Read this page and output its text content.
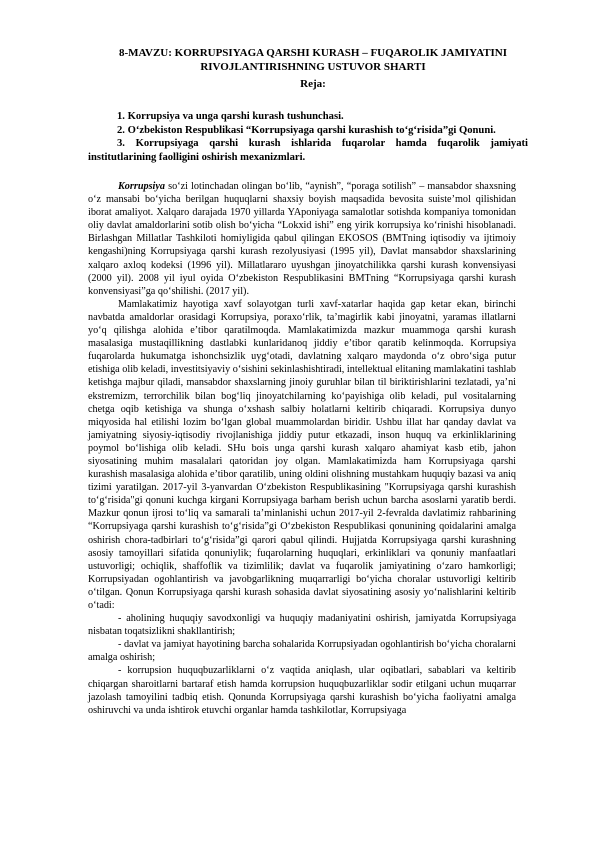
8-MAVZU: KORRUPSIYAGA QARSHI KURASH – FUQAROLIK JAMIYATINI RIVOJLANTIRISHNING USTUVOR SHARTI
Reja:
1. Korrupsiya va unga qarshi kurash tushunchasi.
2. O‘zbekiston Respublikasi “Korrupsiyaga qarshi kurashish to‘g‘risida”gi Qonuni.
3. Korrupsiyaga qarshi kurash ishlarida fuqarolar hamda fuqarolik jamiyati institutlarining faolligini oshirish mexanizmlari.

Korrupsiya so‘zi lotinchadan olingan bo‘lib, “aynish”, “poraga sotilish” – mansabdor shaxsning o‘z mansabi bo‘yicha berilgan huquqlarni shaxsiy boyish maqsadida bevosita suiste’mol qilishidan iborat amaliyot. Xalqaro darajada 1970 yillarda YAponiyaga samalotlar sotishda kompaniya tomonidan oliy davlat amaldorlarini sotib olish bo‘yicha “Lokxid ishi” eng yirik korrupsiya ko‘rinishi hisoblanadi. Birlashgan Millatlar Tashkiloti homiyligida qabul qilingan EKOSOS (BMTning iqtisodiy va ijtimoiy kengashi)ning Korrupsiyaga qarshi kurash rezolyusiyasi (1995 yil), Davlat mansabdor shaxslarining xalqaro axloq kodeksi (1996 yil). Millatlararo uyushgan jinoyatchilikka qarshi kurash konvensiyasi (2000 yil). 2008 yil iyul oyida O‘zbekiston Respublikasini BMTning “Korrupsiyaga qarshi kurash konvensiyasi”ga qo‘shilishi. (2017 yil).

Mamlakatimiz hayotiga xavf solayotgan turli xavf-xatarlar haqida gap ketar ekan, birinchi navbatda amaldorlar orasidagi Korrupsiya, poraxo‘rlik, ta’magirlik kabi jinoyatni, yaramas illatlarni yo‘q qilishga alohida e’tibor qaratilmoqda. Mamlakatimizda mazkur muammoga qarshi kurash masalasiga mustaqillikning dastlabki kunlaridanoq jiddiy e’tibor qaratib kelinmoqda. Korrupsiya fuqarolarda hukumatga ishonchsizlik uyg‘otadi, davlatning xalqaro maydonda o‘z obro‘siga putur etishiga olib keladi, investitsiyaviy o‘sishini sekinlashishtiradi, intellektual elitaning mamlakatini tashlab ketishga majbur qiladi, mansabdor shaxslarning jinoiy guruhlar bilan til biriktirishlarini tezlatadi, ya’ni ekstremizm, terrorchilik bilan bog‘liq jinoyatchilarning ko‘payishiga olib keladi, pul vositalarning chetga oqib ketishiga va shunga o‘xshash salbiy holatlarni keltirib chiqaradi. Korrupsiya dunyo miqyosida hal etilishi lozim bo‘lgan global muammolardan biridir. Ushbu illat har qanday davlat va jamiyatning siyosiy-iqtisodiy rivojlanishiga jiddiy putur etkazadi, inson huquq va erkinliklarining poymol bo‘lishiga olib keladi. SHu bois unga qarshi kurash xalqaro ahamiyat kasb etib, jahon siyosatining muhim masalalari qatoridan joy olgan. Mamlakatimizda ham Korrupsiyaga qarshi kurashish masalasiga alohida e’tibor qaratilib, uning oldini olishning mustahkam huquqiy bazasi va aniq tizimi yaratilgan. 2017-yil 3-yanvardan O‘zbekiston Respublikasining "Korrupsiyaga qarshi kurashish to‘g‘risida"gi qonuni kuchga kirgani Korrupsiyaga barham berish uchun barcha asoslarni yaratib berdi. Mazkur qonun ijrosi to‘liq va samarali ta’minlanishi uchun 2017-yil 2-fevralda davlatimiz rahbarining “Korrupsiyaga qarshi kurashish to‘g‘risida”gi O‘zbekiston Respublikasi qonunining qoidalarini amalga oshirish chora-tadbirlari to‘g‘risida”gi qarori qabul qilindi. Hujjatda Korrupsiyaga qarshi kurashning asosiy tamoyillari sifatida qonuniylik; fuqarolarning huquqlari, erkinliklari va qonuniy manfaatlari ustuvorligi; ochiqlik, shaffoflik va tizimlilik; davlat va fuqarolik jamiyatining o‘zaro hamkorligi; Korrupsiyadan ogohlantirish va javobgarlikning muqarrarligi bo‘yicha choralar ustuvorligi keltirib o‘tilgan. Qonun Korrupsiyaga qarshi kurash sohasida davlat siyosatining asosiy yo‘nalishlarini keltirib o‘tadi:

- aholining huquqiy savodxonligi va huquqiy madaniyatini oshirish, jamiyatda Korrupsiyaga nisbatan toqatsizlikni shakllantirish;

- davlat va jamiyat hayotining barcha sohalarida Korrupsiyadan ogohlantirish bo‘yicha choralarni amalga oshirish;

- korrupsion huquqbuzarliklarni o‘z vaqtida aniqlash, ular oqibatlari, sabablari va keltirib chiqargan sharoitlarni bartaraf etish hamda korrupsion huquqbuzarliklar sodir etilgani uchun muqarrar jazolash tamoyilini tadbiq etish. Qonunda Korrupsiyaga qarshi kurashish bo‘yicha faoliyatni amalga oshiruvchi va unda ishtirok etuvchi organlar hamda tashkilotlar, Korrupsiyaga
